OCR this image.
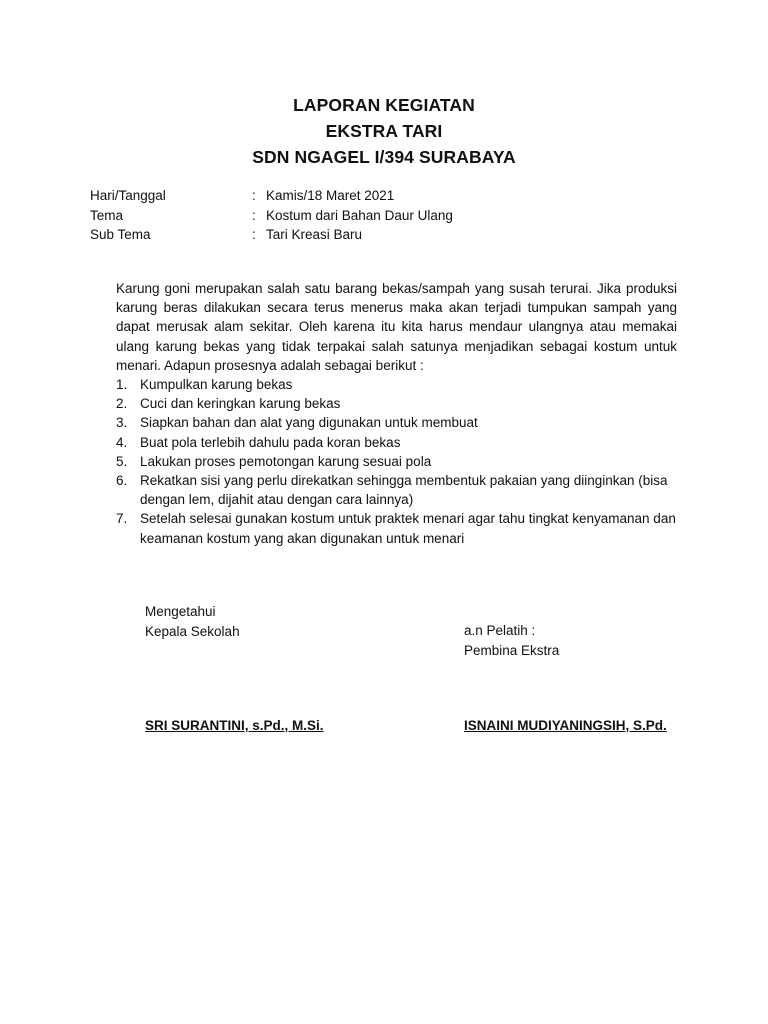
LAPORAN KEGIATAN
EKSTRA TARI
SDN NGAGEL I/394 SURABAYA
Hari/Tanggal	: Kamis/18 Maret 2021
Tema	: Kostum dari Bahan Daur Ulang
Sub Tema	: Tari Kreasi Baru

Karung goni merupakan salah satu barang bekas/sampah yang susah terurai. Jika produksi karung beras dilakukan secara terus menerus maka akan terjadi tumpukan sampah yang dapat merusak alam sekitar. Oleh karena itu kita harus mendaur ulangnya atau memakai ulang karung bekas yang tidak terpakai salah satunya menjadikan sebagai kostum untuk menari. Adapun prosesnya adalah sebagai berikut :

1. Kumpulkan karung bekas
2. Cuci dan keringkan karung bekas
3. Siapkan bahan dan alat yang digunakan untuk membuat
4. Buat pola terlebih dahulu pada koran bekas
5. Lakukan proses pemotongan karung sesuai pola
6. Rekatkan sisi yang perlu direkatkan sehingga membentuk pakaian yang diinginkan (bisa dengan lem, dijahit atau dengan cara lainnya)
7. Setelah selesai gunakan kostum untuk praktek menari agar tahu tingkat kenyamanan dan keamanan kostum yang akan digunakan untuk menari
Mengetahui
Kepala Sekolah	a.n Pelatih :
Pembina Ekstra
SRI SURANTINI, s.Pd., M.Si.	ISNAINI MUDIYANINGSIH, S.Pd.
